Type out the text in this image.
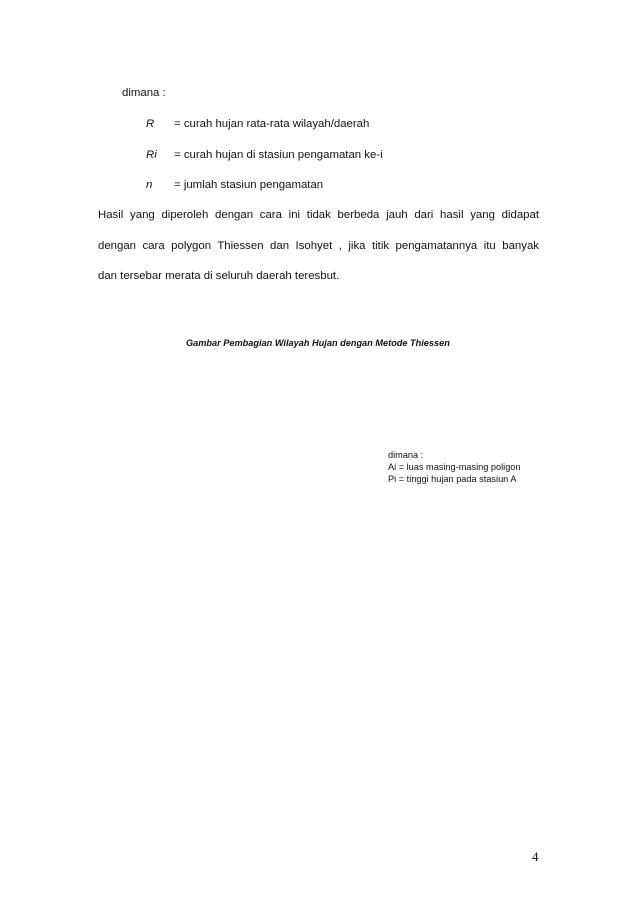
dimana :
R = curah hujan rata-rata wilayah/daerah
Ri = curah hujan di stasiun pengamatan ke-i
n = jumlah stasiun pengamatan
Hasil yang diperoleh dengan cara ini tidak berbeda jauh dari hasil yang didapat
dengan cara polygon Thiessen dan Isohyet , jika titik pengamatannya itu banyak
dan tersebar merata di seluruh daerah teresbut.
Gambar Pembagian Wilayah Hujan dengan Metode Thiessen
dimana :
Ai = luas masing-masing poligon
Pi = tinggi hujan pada stasiun A
4
